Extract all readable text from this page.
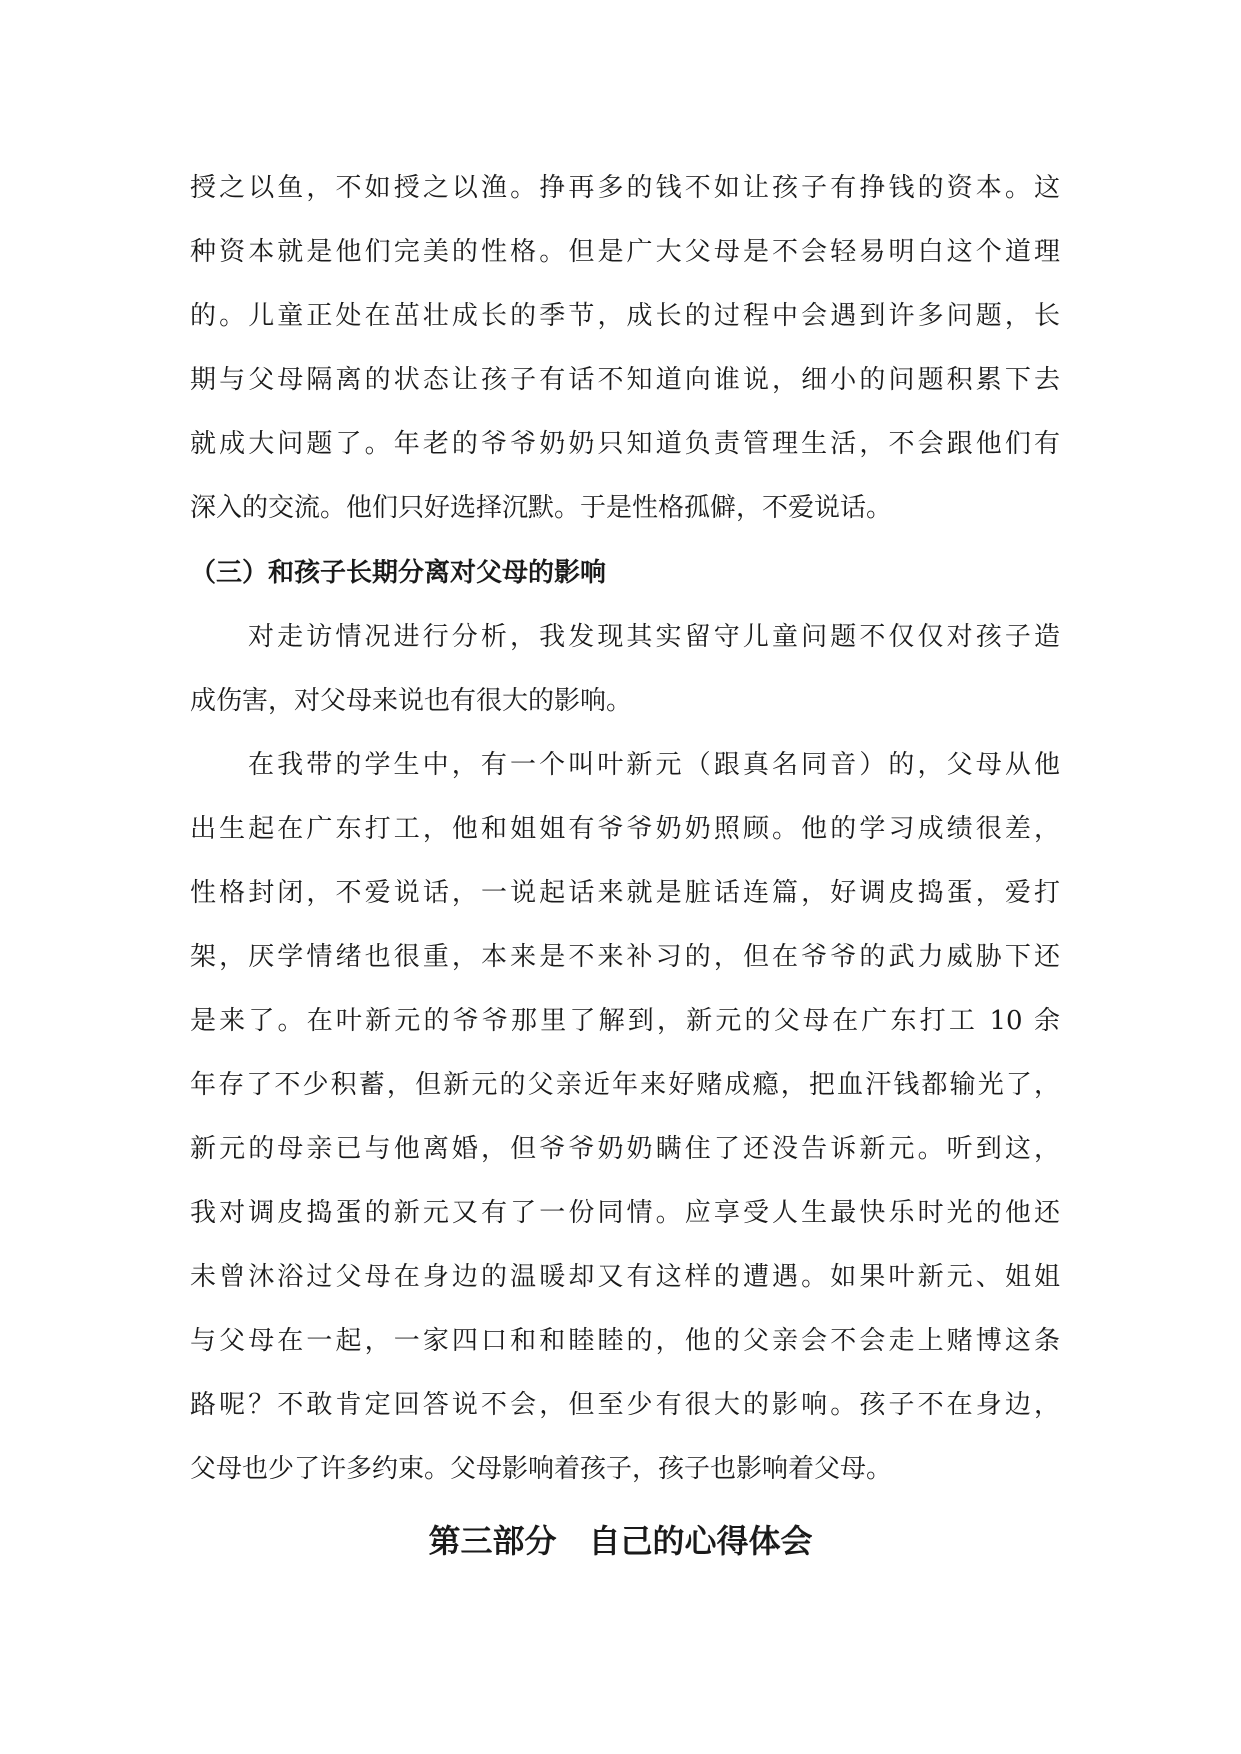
授之以鱼，不如授之以渔。挣再多的钱不如让孩子有挣钱的资本。这
种资本就是他们完美的性格。但是广大父母是不会轻易明白这个道理
的。儿童正处在茁壮成长的季节，成长的过程中会遇到许多问题，长
期与父母隔离的状态让孩子有话不知道向谁说，细小的问题积累下去
就成大问题了。年老的爷爷奶奶只知道负责管理生活，不会跟他们有
深入的交流。他们只好选择沉默。于是性格孤僻，不爱说话。
（三）和孩子长期分离对父母的影响
对走访情况进行分析，我发现其实留守儿童问题不仅仅对孩子造
成伤害，对父母来说也有很大的影响。
在我带的学生中，有一个叫叶新元（跟真名同音）的，父母从他
出生起在广东打工，他和姐姐有爷爷奶奶照顾。他的学习成绩很差，
性格封闭，不爱说话，一说起话来就是脏话连篇，好调皮捣蛋，爱打
架，厌学情绪也很重，本来是不来补习的，但在爷爷的武力威胁下还
是来了。在叶新元的爷爷那里了解到，新元的父母在广东打工 10 余
年存了不少积蓄，但新元的父亲近年来好赌成瘾，把血汗钱都输光了，
新元的母亲已与他离婚，但爷爷奶奶瞒住了还没告诉新元。听到这，
我对调皮捣蛋的新元又有了一份同情。应享受人生最快乐时光的他还
未曾沐浴过父母在身边的温暖却又有这样的遭遇。如果叶新元、姐姐
与父母在一起，一家四口和和睦睦的，他的父亲会不会走上赌博这条
路呢？不敢肯定回答说不会，但至少有很大的影响。孩子不在身边，
父母也少了许多约束。父母影响着孩子，孩子也影响着父母。
第三部分　自己的心得体会
